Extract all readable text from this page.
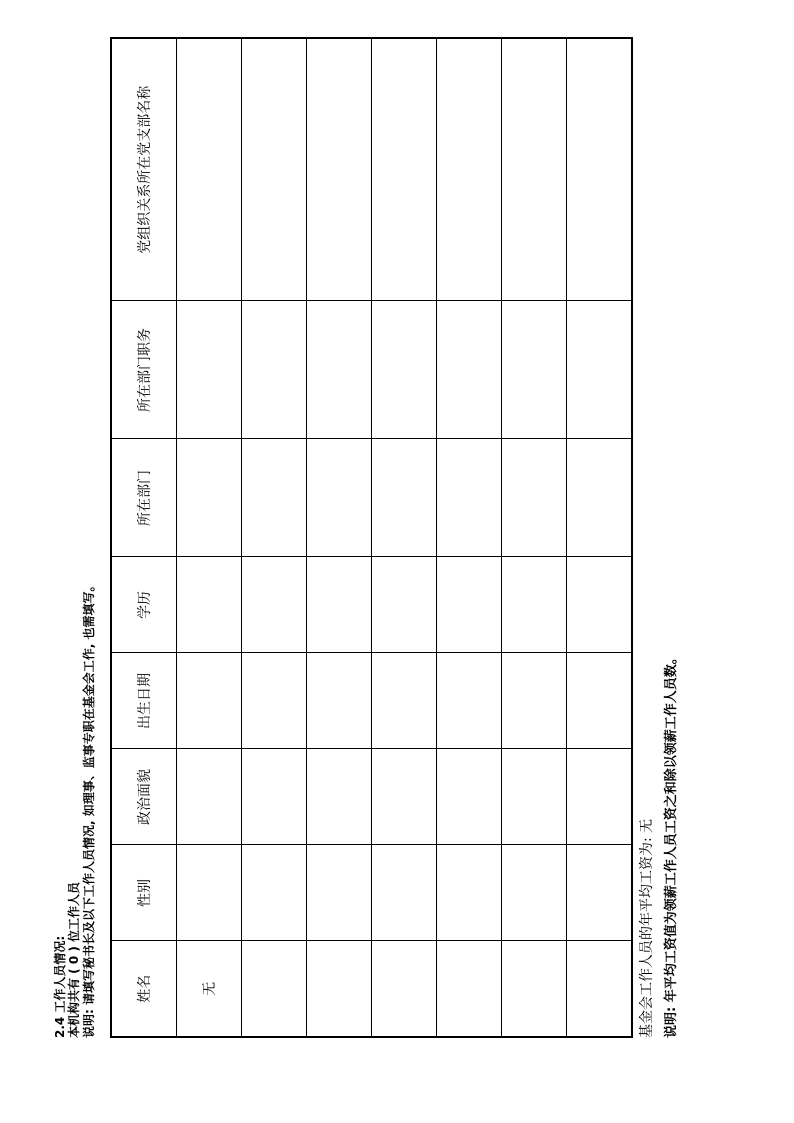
2.4 工作人员情况: 本机构共有 ( 0 ) 位工作人员 说明: 请填写秘书长及以下工作人员情况, 如理事、监事专职在基金会工作, 也需填写。	姓名	性别	政治面貌	出生日期	学历	所在部门	所在部门职务	党组织关系所在党支部名称
无							

								基金会工作人员的年平均工资为: 无 说明: 年平均工资值为领薪工作人员工资之和除以领薪工作人员数。
